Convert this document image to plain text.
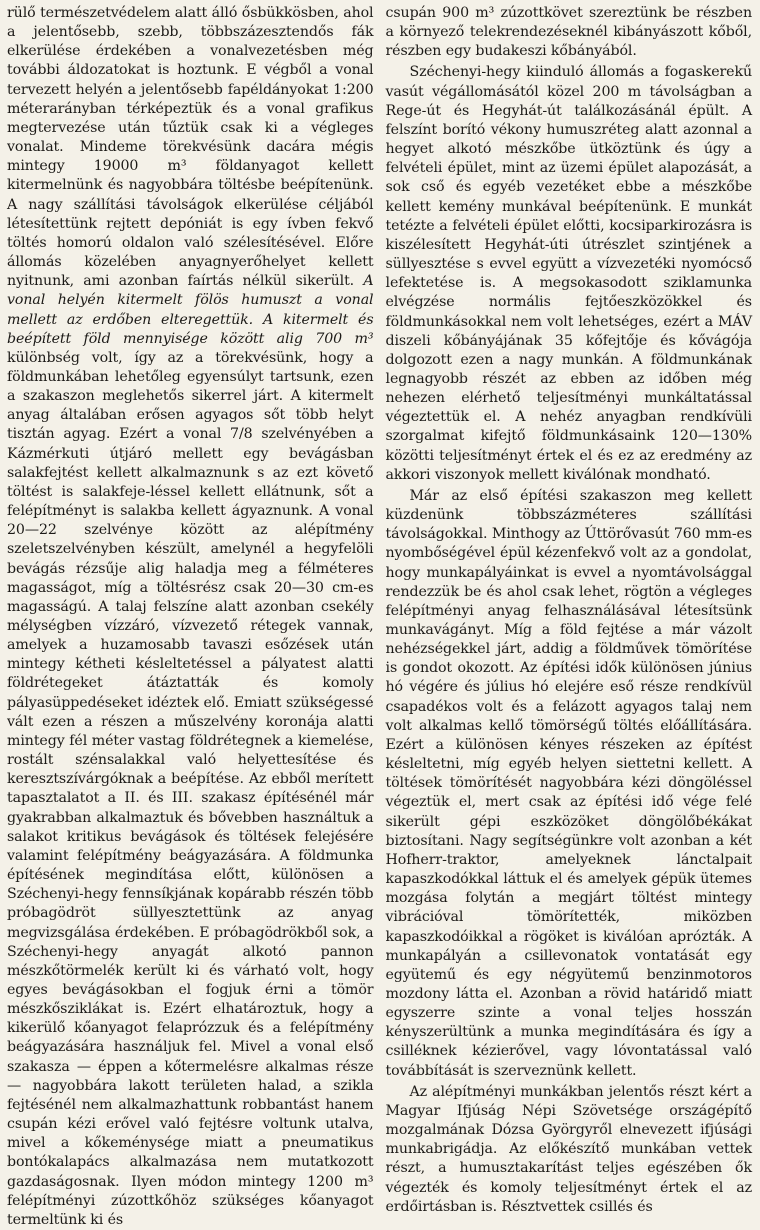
rülő természetvédelem alatt álló ősbükkösben, ahol a jelentősebb, szebb, többszázesztendős fák elkerülése érdekében a vonalvezetésben még további áldozatokat is hoztunk. E végből a vonal tervezett helyén a jelentősebb fapéldányokat 1:200 méterarányban térképeztük és a vonal grafikus megtervezése után tűztük csak ki a végleges vonalat. Mindeme törekvésünk dacára mégis mintegy 19000 m³ földanyagot kellett kitermelnünk és nagyobbára töltésbe beépítenünk. A nagy szállítási távolságok elkerülése céljából létesítettünk rejtett depóniát is egy ívben fekvő töltés homorú oldalon való szélesítésével. Előre állomás közelében anyagnyerőhelyet kellett nyitnunk, ami azonban faírtás nélkül sikerült. A vonal helyén kitermelt fölös humuszt a vonal mellett az erdőben elteregettük. A kitermelt és beépített föld mennyisége között alig 700 m³ különbség volt, így az a törekvésünk, hogy a földmunkában lehetőleg egyensúlyt tartsunk, ezen a szakaszon meglehetős sikerrel járt. A kitermelt anyag általában erősen agyagos sőt több helyt tisztán agyag. Ezért a vonal 7/8 szelvényében a Kázmérkuti útjáró mellett egy bevágásban salakfejtést kellett alkalmaznunk s az ezt követő töltést is salakfeje-léssel kellett ellátnunk, sőt a felépítményt is salakba kellett ágyaznunk. A vonal 20—22 szelvénye között az alépítmény szeletszelvényben készült, amelynél a hegyfelöli bevágás rézsűje alig haladja meg a félméteres magasságot, míg a töltésrész csak 20—30 cm-es magasságú. A talaj felszíne alatt azonban csekély mélységben vízzáró, vízvezető rétegek vannak, amelyek a huzamosabb tavaszi esőzések után mintegy kétheti késleltetéssel a pályatest alatti földrétegeket átáztatták és komoly pályasüppedéseket idéztek elő. Emiatt szükségessé vált ezen a részen a műszelvény koronája alatti mintegy fél méter vastag földrétegnek a kiemelése, rostált szénsalakkal való helyettesítése és keresztszívárgóknak a beépítése. Az ebből merített tapasztalatot a II. és III. szakasz építésénél már gyakrabban alkalmaztuk és bővebben használtuk a salakot kritikus bevágások és töltések felejésére valamint felépítmény beágyazására. A földmunka építésének megindítása előtt, különösen a Széchenyi-hegy fennsíkjának kopárabb részén több próbagödröt süllyesztettünk az anyag megvizsgálása érdekében. E próbagödrökből sok, a Széchenyi-hegy anyagát alkotó pannon mészkőtörmelék került ki és várható volt, hogy egyes bevágásokban el fogjuk érni a tömör mészkősziklákat is. Ezért elhatároztuk, hogy a kikerülő kőanyagot felaprózzuk és a felépítmény beágyazására használjuk fel. Mivel a vonal első szakasza — éppen a kőtermelésre alkalmas része — nagyobbára lakott területen halad, a szikla fejtésénél nem alkalmazhattunk robbantást hanem csupán kézi erővel való fejtésre voltunk utalva, mivel a kőkeménysége miatt a pneumatikus bontókalapács alkalmazása nem mutatkozott gazdaságosnak. Ilyen módon mintegy 1200 m³ felépítményi zúzottkőhöz szükséges kőanyagot termeltünk ki és

csupán 900 m³ zúzottkövet szereztünk be részben a környező telekrendezéseknél kibányászott kőből, részben egy budakeszi kőbányából.

Széchenyi-hegy kiinduló állomás a fogaskerekű vasút végállomásától közel 200 m távolságban a Rege-út és Hegyhát-út találkozásánál épült. A felszínt borító vékony humuszréteg alatt azonnal a hegyet alkotó mészkőbe ütköztünk és úgy a felvételi épület, mint az üzemi épület alapozását, a sok cső és egyéb vezetéket ebbe a mészkőbe kellett kemény munkával beépítenünk. E munkát tetézte a felvételi épület előtti, kocsiparkirozásra is kiszélesített Hegyhát-úti útrészlet szintjének a süllyesztése s evvel együtt a vízvezetéki nyomócső lefektetése is. A megsokasodott sziklamunka elvégzése normális fejtőeszközökkel és földmunkásokkal nem volt lehetséges, ezért a MÁV diszeli kőbányájának 35 kőfejtője és kővágója dolgozott ezen a nagy munkán. A földmunkának legnagyobb részét az ebben az időben még nehezen elérhető teljesítményi munkáltatással végeztettük el. A nehéz anyagban rendkívüli szorgalmat kifejtő földmunkásaink 120—130% közötti teljesítményt értek el és ez az eredmény az akkori viszonyok mellett kiválónak mondható.

Már az első építési szakaszon meg kellett küzdenünk többszázméteres szállítási távolságokkal. Minthogy az Úttörővasút 760 mm-es nyombőségével épül kézenfekvő volt az a gondolat, hogy munkapályáinkat is evvel a nyomtávolsággal rendezzük be és ahol csak lehet, rögtön a végleges felépítményi anyag felhasználásával létesítsünk munkavágányt. Míg a föld fejtése a már vázolt nehézségekkel járt, addig a földművek tömörítése is gondot okozott. Az építési idők különösen június hó végére és július hó elejére eső része rendkívül csapadékos volt és a felázott agyagos talaj nem volt alkalmas kellő tömörségű töltés előállítására. Ezért a különösen kényes részeken az építést késleltetni, míg egyéb helyen siettetni kellett. A töltések tömörítését nagyobbára kézi döngöléssel végeztük el, mert csak az építési idő vége felé sikerült gépi eszközöket döngölőbékákat biztosítani. Nagy segítségünkre volt azonban a két Hofherr-traktor, amelyeknek lánctalpait kapaszkodókkal láttuk el és amelyek gépük ütemes mozgása folytán a megjárt töltést mintegy vibrációval tömörítették, miközben kapaszkodóikkal a rögöket is kiválóan aprózták. A munkapályán a csillevonatok vontatását egy együtemű és egy négyütemű benzinmotoros mozdony látta el. Azonban a rövid határidő miatt egyszerre szinte a vonal teljes hosszán kényszerültünk a munka megindítására és így a csilléknek kézierővel, vagy lóvontatással való továbbítását is szerveznünk kellett.

Az alépítményi munkákban jelentős részt kért a Magyar Ifjúság Népi Szövetsége országépítő mozgalmának Dózsa Györgyről elnevezett ifjúsági munkabrigádja. Az előkészítő munkában vettek részt, a humusztakarítást teljes egészében ők végezték és komoly teljesítményt értek el az erdőirtásban is. Résztvettek csillés és
